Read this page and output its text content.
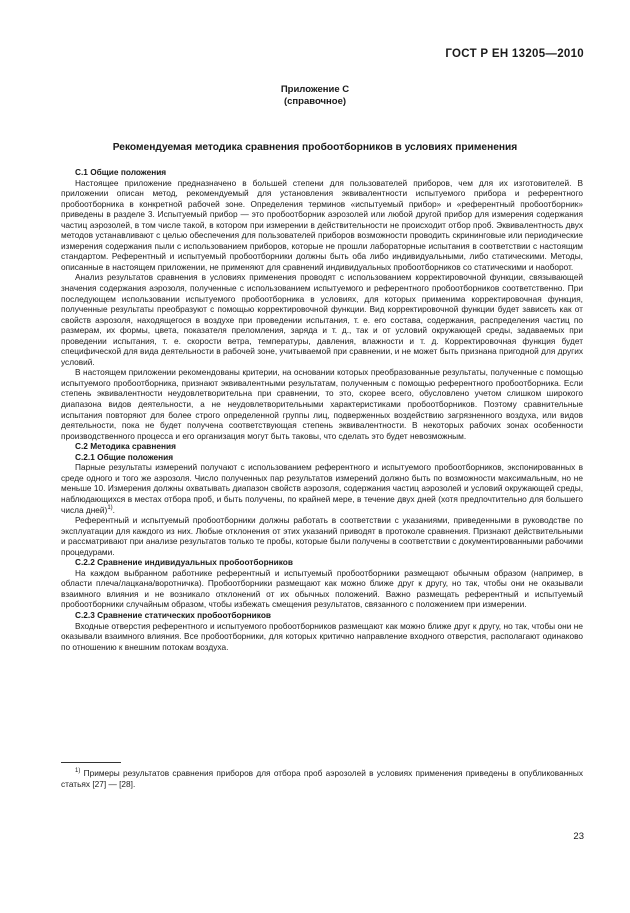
ГОСТ Р ЕН 13205—2010
Приложение С
(справочное)
Рекомендуемая методика сравнения пробоотборников в условиях применения
С.1 Общие положения

Настоящее приложение предназначено в большей степени для пользователей приборов, чем для их изготовителей. В приложении описан метод, рекомендуемый для установления эквивалентности испытуемого прибора и референтного пробоотборника в конкретной рабочей зоне. Определения терминов «испытуемый прибор» и «референтный пробоотборник» приведены в разделе 3. Испытуемый прибор — это пробоотборник аэрозолей или любой другой прибор для измерения содержания частиц аэрозолей, в том числе такой, в котором при измерении в действительности не происходит отбор проб. Эквивалентность двух методов устанавливают с целью обеспечения для пользователей приборов возможности проводить скрининговые или периодические измерения содержания пыли с использованием приборов, которые не прошли лабораторные испытания в соответствии с настоящим стандартом. Референтный и испытуемый пробоотборники должны быть оба либо индивидуальными, либо статическими. Методы, описанные в настоящем приложении, не применяют для сравнений индивидуальных пробоотборников со статическими и наоборот.

Анализ результатов сравнения в условиях применения проводят с использованием корректировочной функции, связывающей значения содержания аэрозоля, полученные с использованием испытуемого и референтного пробоотборников соответственно. При последующем использовании испытуемого пробоотборника в условиях, для которых применима корректировочная функция, полученные результаты преобразуют с помощью корректировочной функции. Вид корректировочной функции будет зависеть как от свойств аэрозоля, находящегося в воздухе при проведении испытания, т. е. его состава, содержания, распределения частиц по размерам, их формы, цвета, показателя преломления, заряда и т. д., так и от условий окружающей среды, задаваемых при проведении испытания, т. е. скорости ветра, температуры, давления, влажности и т. д. Корректировочная функция будет специфической для вида деятельности в рабочей зоне, учитываемой при сравнении, и не может быть признана пригодной для других условий.

В настоящем приложении рекомендованы критерии, на основании которых преобразованные результаты, полученные с помощью испытуемого пробоотборника, признают эквивалентными результатам, полученным с помощью референтного пробоотборника. Если степень эквивалентности неудовлетворительна при сравнении, то это, скорее всего, обусловлено учетом слишком широкого диапазона видов деятельности, а не неудовлетворительными характеристиками пробоотборников. Поэтому сравнительные испытания повторяют для более строго определенной группы лиц, подверженных воздействию загрязненного воздуха, или видов деятельности, пока не будет получена соответствующая степень эквивалентности. В некоторых рабочих зонах особенности производственного процесса и его организация могут быть таковы, что сделать это будет невозможным.

С.2 Методика сравнения
С.2.1 Общие положения

Парные результаты измерений получают с использованием референтного и испытуемого пробоотборников, экспонированных в среде одного и того же аэрозоля. Число полученных пар результатов измерений должно быть по возможности максимальным, но не меньше 10. Измерения должны охватывать диапазон свойств аэрозоля, содержания частиц аэрозолей и условий окружающей среды, наблюдающихся в местах отбора проб, и быть получены, по крайней мере, в течение двух дней (хотя предпочтительно для большего числа дней)$^{1)}$.

Референтный и испытуемый пробоотборники должны работать в соответствии с указаниями, приведенными в руководстве по эксплуатации для каждого из них. Любые отклонения от этих указаний приводят в протоколе сравнения. Признают действительными и рассматривают при анализе результатов только те пробы, которые были получены в соответствии с документированными рабочими процедурами.

С.2.2 Сравнение индивидуальных пробоотборников

На каждом выбранном работнике референтный и испытуемый пробоотборники размещают обычным образом (например, в области плеча/лацкана/воротничка). Пробоотборники размещают как можно ближе друг к другу, но так, чтобы они не оказывали взаимного влияния и не возникало отклонений от их обычных положений. Важно размещать референтный и испытуемый пробоотборники случайным образом, чтобы избежать смещения результатов, связанного с положением при измерении.

С.2.3 Сравнение статических пробоотборников

Входные отверстия референтного и испытуемого пробоотборников размещают как можно ближе друг к другу, но так, чтобы они не оказывали взаимного влияния. Все пробоотборники, для которых критично направление входного отверстия, располагают одинаково по отношению к внешним потокам воздуха.

$^{1)}$ Примеры результатов сравнения приборов для отбора проб аэрозолей в условиях применения приведены в опубликованных статьях [27] — [28].

23
